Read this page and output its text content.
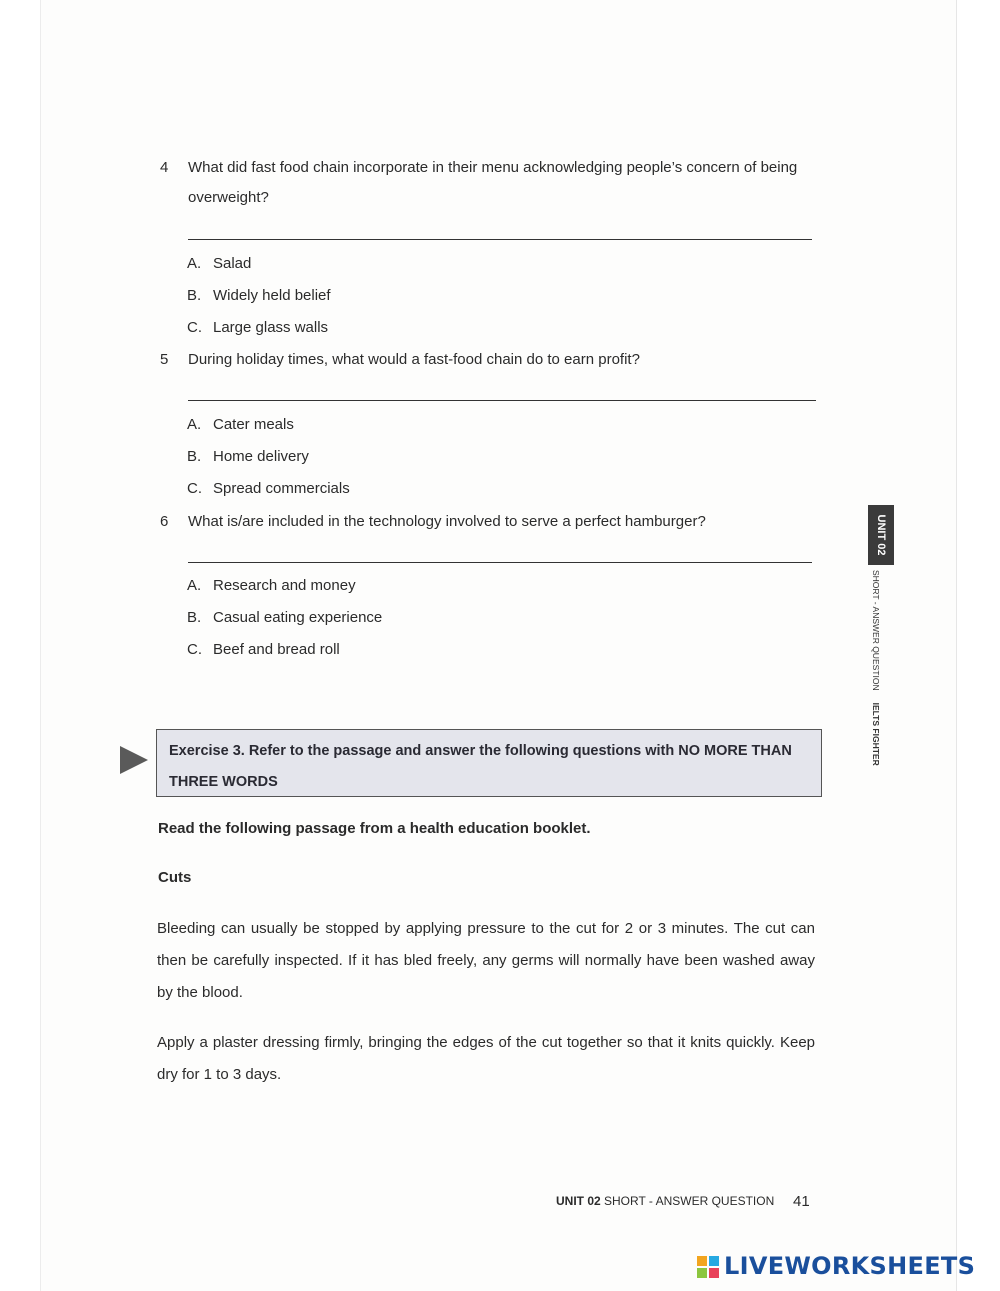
4 What did fast food chain incorporate in their menu acknowledging people’s concern of being overweight?
A. Salad
B. Widely held belief
C. Large glass walls
5 During holiday times, what would a fast-food chain do to earn profit?
A. Cater meals
B. Home delivery
C. Spread commercials
6 What is/are included in the technology involved to serve a perfect hamburger?
A. Research and money
B. Casual eating experience
C. Beef and bread roll
Exercise 3. Refer to the passage and answer the following questions with NO MORE THAN THREE WORDS
Read the following passage from a health education booklet.
Cuts
Bleeding can usually be stopped by applying pressure to the cut for 2 or 3 minutes. The cut can then be carefully inspected. If it has bled freely, any germs will normally have been washed away by the blood.
Apply a plaster dressing firmly, bringing the edges of the cut together so that it knits quickly. Keep dry for 1 to 3 days.
UNIT 02
SHORT - ANSWER QUESTIONIELTS FIGHTER
UNIT 02 SHORT - ANSWER QUESTION 41
LIVEWORKSHEETS
